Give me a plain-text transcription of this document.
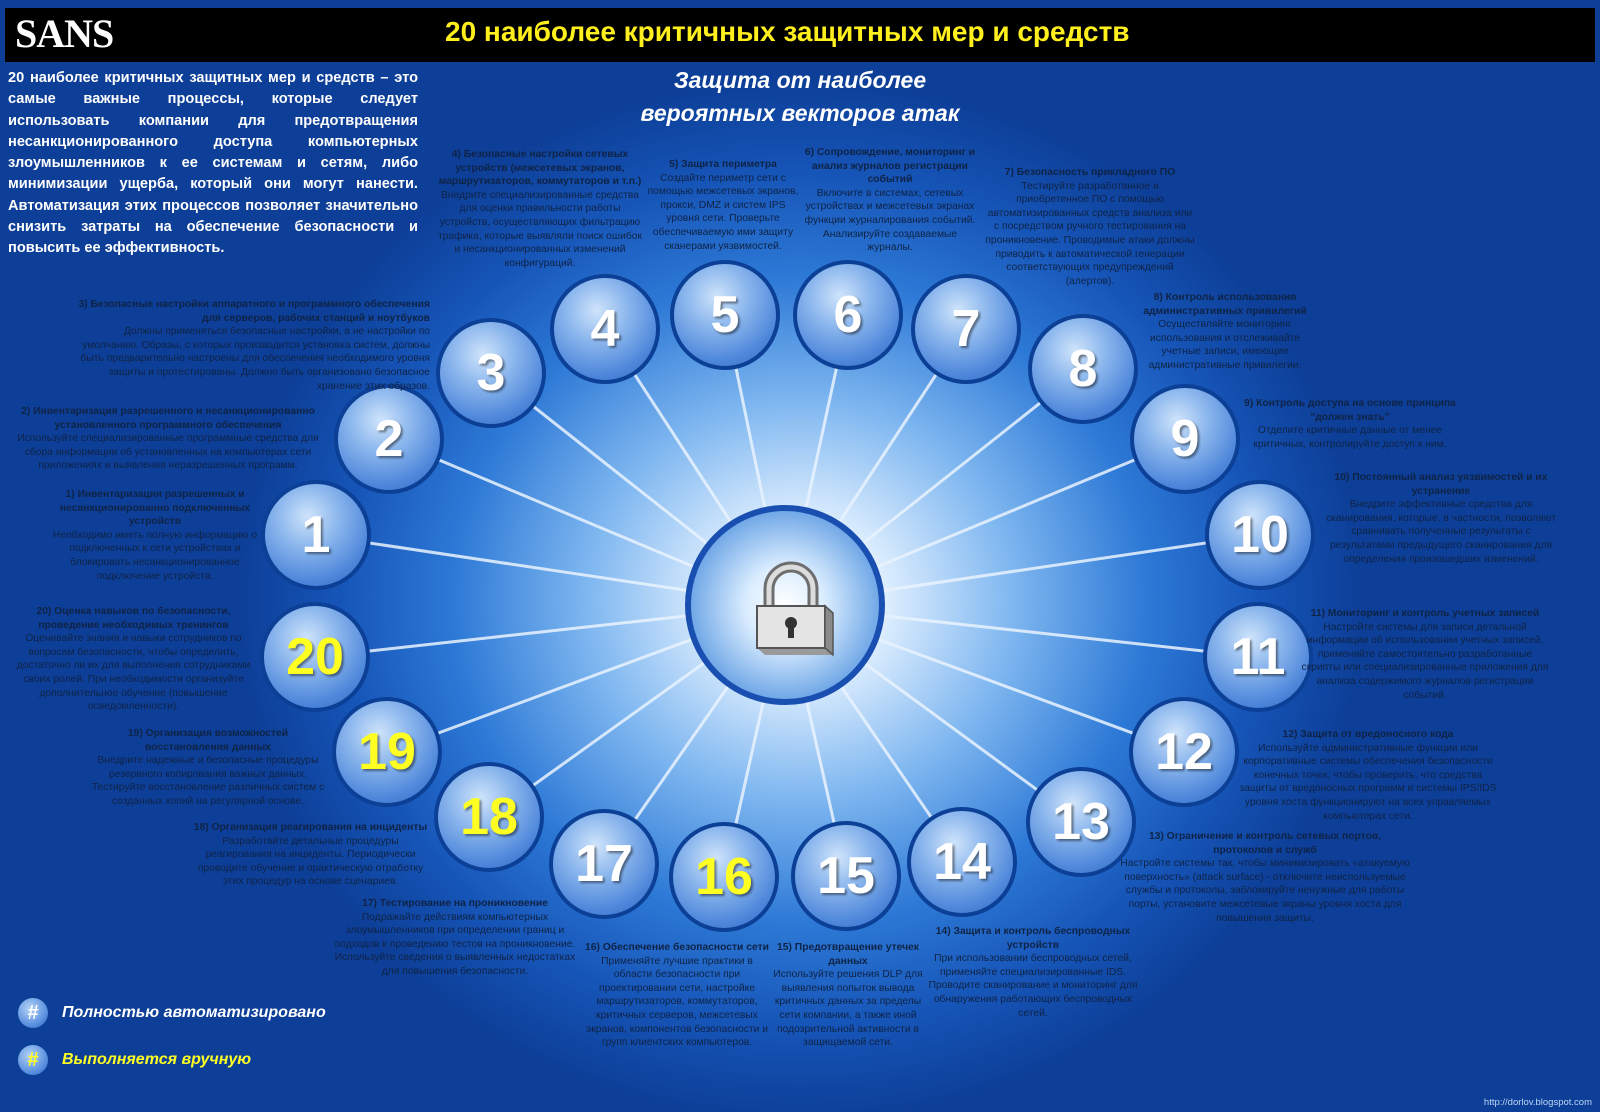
SANS	20 наиболее критичных защитных мер и средств
20 наиболее критичных защитных мер и средств – это самые важные процессы, которые следует использовать компании для предотвращения несанкционированного доступа компьютерных злоумышленников к ее системам и сетям, либо минимизации ущерба, который они могут нанести. Автоматизация этих процессов позволяет значительно снизить затраты на обеспечение безопасности и повысить ее эффективность.
Защита от наиболее
вероятных векторов атак
1
2
3
4	5	6	7
8
9
10
11
12
13
14
15
16
17
18
19
20
1) Инвентаризация разрешенных и несанкционированно подключенных устройств
Необходимо иметь полную информацию о подключенных к сети устройствах и блокировать несанкционированное подключение устройств.
2) Инвентаризация разрешенного и несанкционированно установленного программного обеспечения
Используйте специализированные программные средства для сбора информации об установленных на компьютерах сети приложениях и выявления неразрешенных программ.
3) Безопасные настройки аппаратного и программного обеспечения для серверов, рабочих станций и ноутбуков
Должны применяться безопасные настройки, а не настройки по умолчанию. Образы, с которых производится установка систем, должны быть предварительно настроены для обеспечения необходимого уровня защиты и протестированы. Должно быть организовано безопасное хранение этих образов.
4) Безопасные настройки сетевых устройств (межсетевых экранов, маршрутизаторов, коммутаторов и т.п.)
Внедрите специализированные средства для оценки правильности работы устройств, осуществляющих фильтрацию трафика, которые выявляли поиск ошибок и несанкционированных изменений конфигураций.
5) Защита периметра
Создайте периметр сети с помощью межсетевых экранов, прокси, DMZ и систем IPS уровня сети. Проверьте обеспечиваемую ими защиту сканерами уязвимостей.
6) Сопровождение, мониторинг и анализ журналов регистрации событий
Включите в системах, сетевых устройствах и межсетевых экранах функции журналирования событий. Анализируйте создаваемые журналы.
7) Безопасность прикладного ПО
Тестируйте разработанное и приобретенное ПО с помощью автоматизированных средств анализа или с посредством ручного тестирования на проникновение. Проводимые атаки должны приводить к автоматической генерации соответствующих предупреждений (алертов).
8) Контроль использования административных привилегий
Осуществляйте мониторинг использования и отслеживайте учетные записи, имеющие административные привилегии.
9) Контроль доступа на основе принципа "должен знать"
Отделите критичные данные от менее критичных, контролируйте доступ к ним.
10) Постоянный анализ уязвимостей и их устранение
Внедрите эффективные средства для сканирования, которые, в частности, позволяют сравнивать полученные результаты с результатами предыдущего сканирования для определения произошедших изменений.
11) Мониторинг и контроль учетных записей
Настройте системы для записи детальной информации об использовании учетных записей, применяйте самостоятельно разработанные скрипты или специализированные приложения для анализа содержимого журналов регистрации событий.
12) Защита от вредоносного кода
Используйте административные функции или корпоративные системы обеспечения безопасности конечных точек, чтобы проверить, что средства защиты от вредоносных программ и системы IPS/IDS уровня хоста функционируют на всех управляемых компьютерах сети.
13) Ограничение и контроль сетевых портов, протоколов и служб
Настройте системы так, чтобы минимизировать «атакуемую поверхность» (attack surface) - отключите неиспользуемые службы и протоколы, заблокируйте ненужные для работы порты, установите межсетевые экраны уровня хоста для повышения защиты.
14) Защита и контроль беспроводных устройств
При использовании беспроводных сетей, применяйте специализированные IDS. Проводите сканирование и мониторинг для обнаружения работающих беспроводных сетей.
15) Предотвращение утечек данных
Используйте решения DLP для выявления попыток вывода критичных данных за пределы сети компании, а также иной подозрительной активности в защищаемой сети.
16) Обеспечение безопасности сети
Применяйте лучшие практики в области безопасности при проектировании сети, настройке маршрутизаторов, коммутаторов, критичных серверов, межсетевых экранов, компонентов безопасности и групп клиентских компьютеров.
17) Тестирование на проникновение
Подражайте действиям компьютерных злоумышленников при определении границ и подходов к проведению тестов на проникновение. Используйте сведения о выявленных недостатках для повышения безопасности.
18) Организация реагирования на инциденты
Разработайте детальные процедуры реагирования на инциденты. Периодически проводите обучение и практическую отработку этих процедур на основе сценариев.
19) Организация возможностей восстановления данных
Внедрите надежные и безопасные процедуры резервного копирования важных данных. Тестируйте восстановление различных систем с созданных копий на регулярной основе.
20) Оценка навыков по безопасности, проведение необходимых тренингов
Оценивайте знания и навыки сотрудников по вопросам безопасности, чтобы определить, достаточно ли их для выполнения сотрудниками своих ролей. При необходимости организуйте дополнительное обучение (повышение осведомленности).
#	Полностью автоматизировано
#	Выполняется вручную
http://dorlov.blogspot.com
